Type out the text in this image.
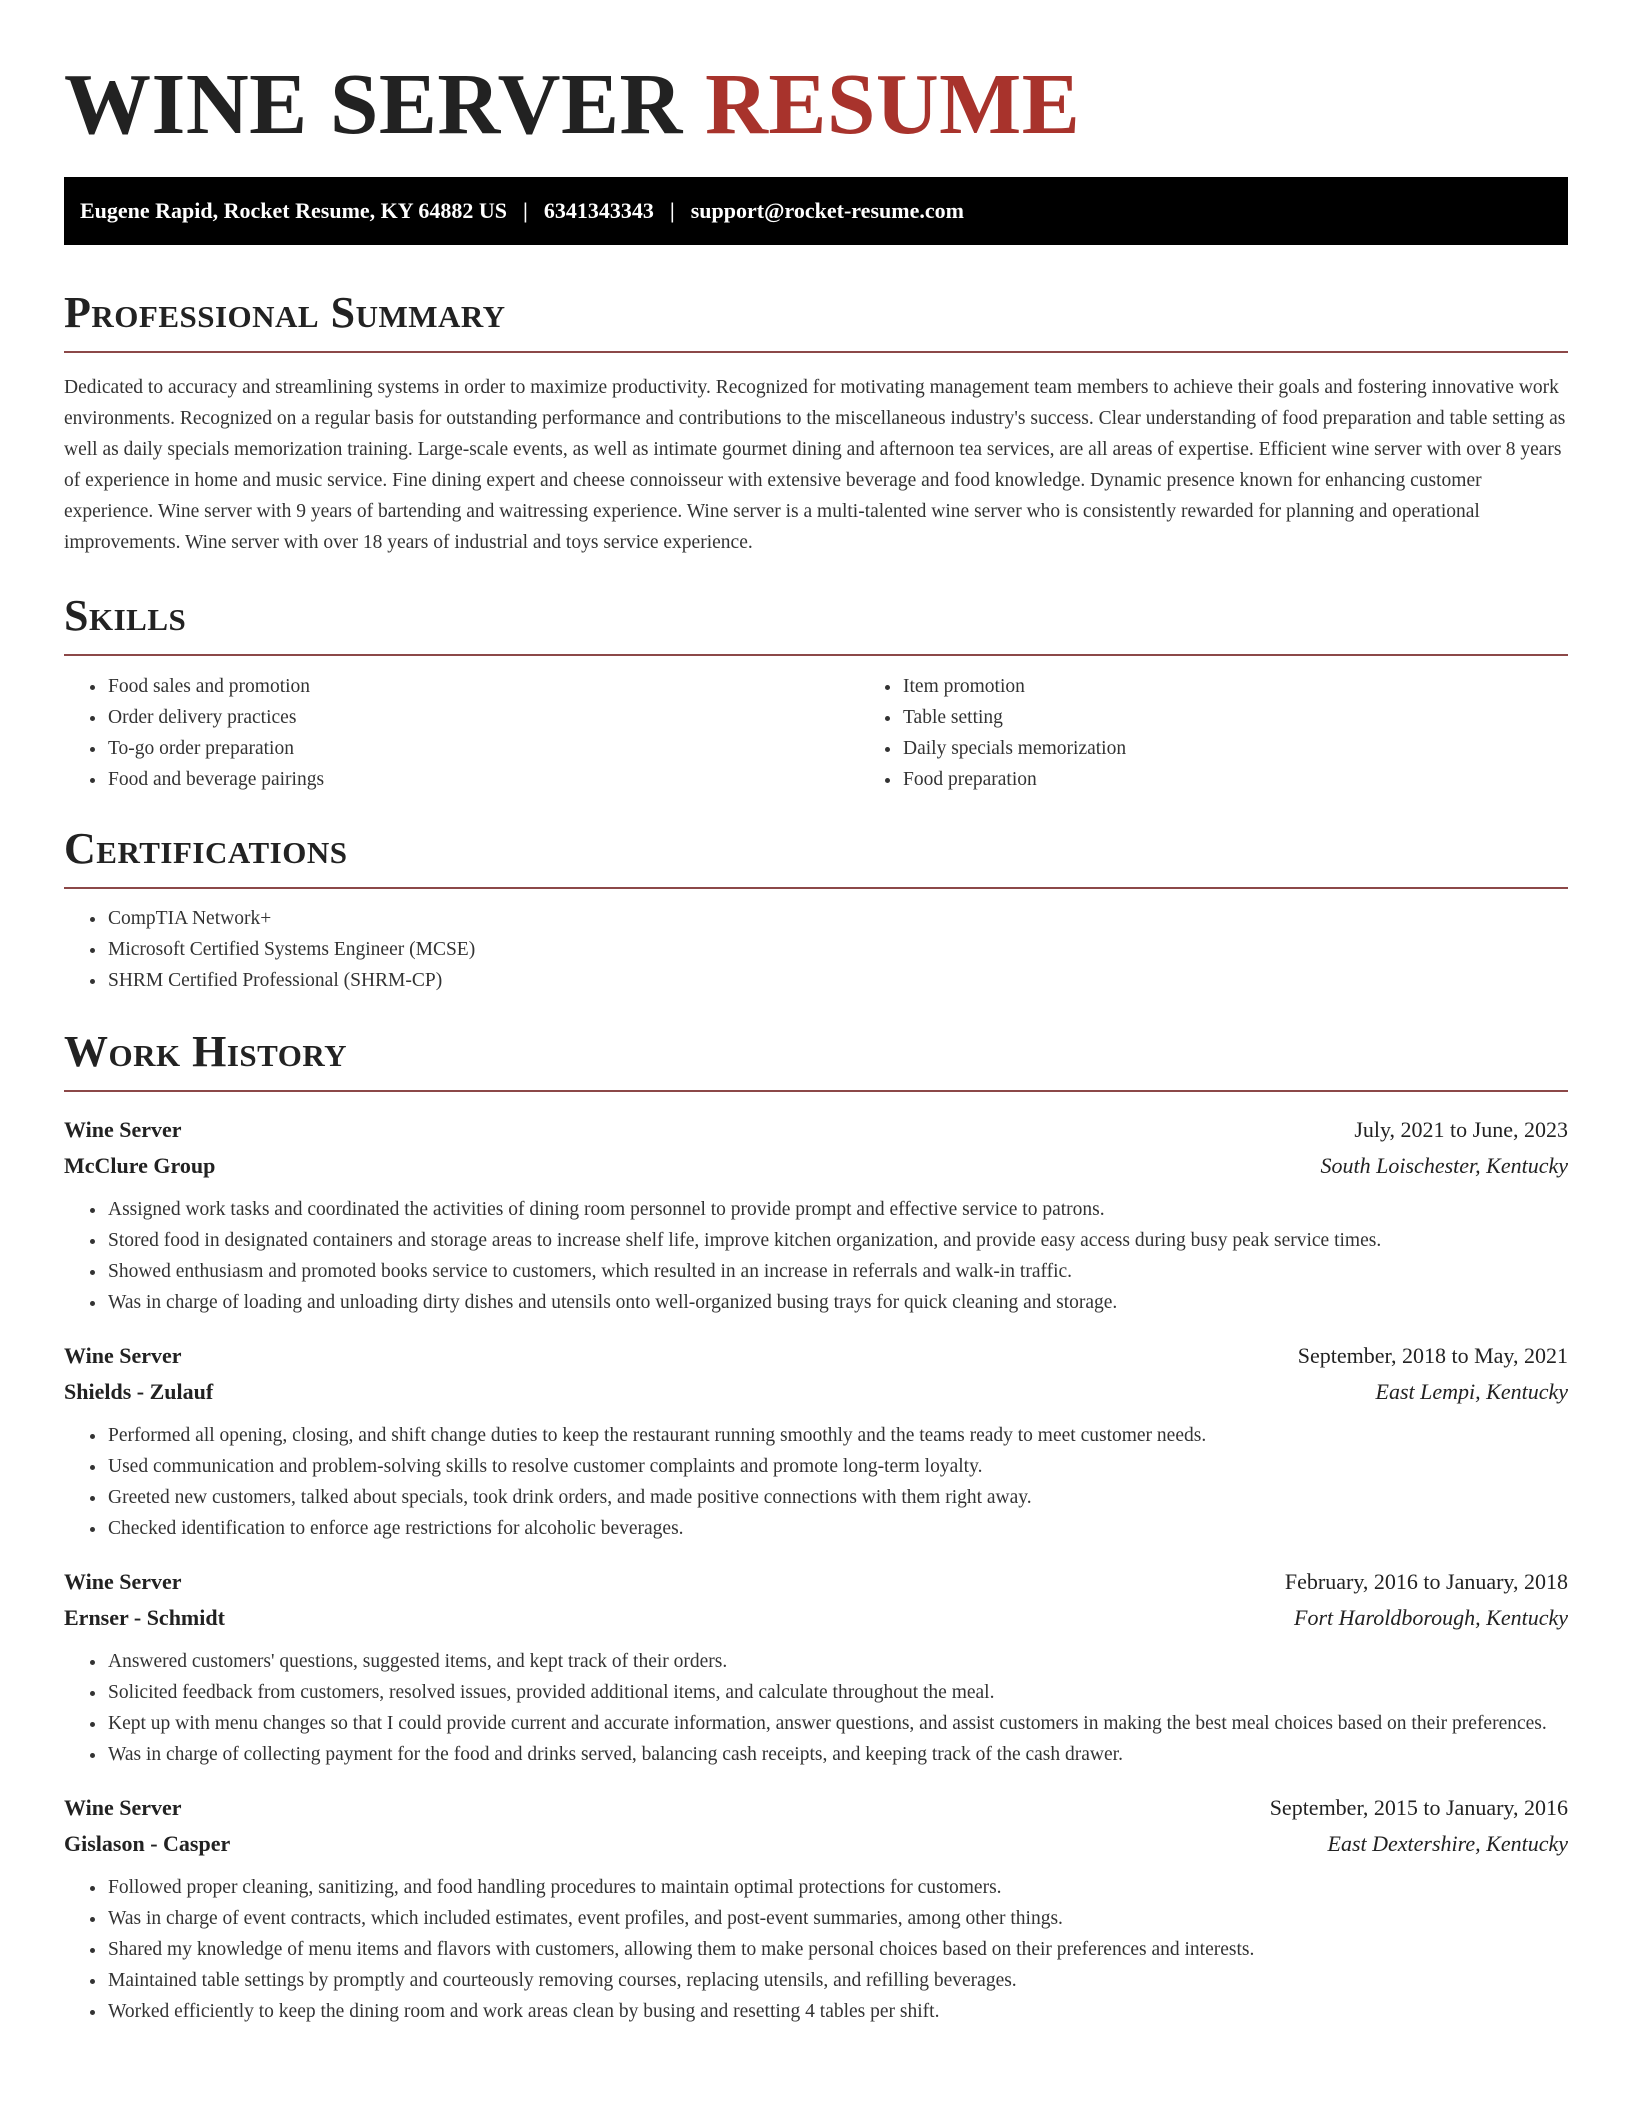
WINE SERVER RESUME
Eugene Rapid, Rocket Resume, KY 64882 US | 6341343343 | support@rocket-resume.com
Professional Summary

Dedicated to accuracy and streamlining systems in order to maximize productivity. Recognized for motivating management team members to achieve their goals and fostering innovative work environments. Recognized on a regular basis for outstanding performance and contributions to the miscellaneous industry's success. Clear understanding of food preparation and table setting as well as daily specials memorization training. Large-scale events, as well as intimate gourmet dining and afternoon tea services, are all areas of expertise. Efficient wine server with over 8 years of experience in home and music service. Fine dining expert and cheese connoisseur with extensive beverage and food knowledge. Dynamic presence known for enhancing customer experience. Wine server with 9 years of bartending and waitressing experience. Wine server is a multi-talented wine server who is consistently rewarded for planning and operational improvements. Wine server with over 18 years of industrial and toys service experience.

Skills
• Food sales and promotion
• Order delivery practices
• To-go order preparation
• Food and beverage pairings
• Item promotion
• Table setting
• Daily specials memorization
• Food preparation
Certifications
• CompTIA Network+
• Microsoft Certified Systems Engineer (MCSE)
• SHRM Certified Professional (SHRM-CP)
Work History
Wine Server	July, 2021 to June, 2023
McClure Group	South Loischester, Kentucky
• Assigned work tasks and coordinated the activities of dining room personnel to provide prompt and effective service to patrons.
• Stored food in designated containers and storage areas to increase shelf life, improve kitchen organization, and provide easy access during busy peak service times.
• Showed enthusiasm and promoted books service to customers, which resulted in an increase in referrals and walk-in traffic.
• Was in charge of loading and unloading dirty dishes and utensils onto well-organized busing trays for quick cleaning and storage.
Wine Server	September, 2018 to May, 2021
Shields - Zulauf	East Lempi, Kentucky
• Performed all opening, closing, and shift change duties to keep the restaurant running smoothly and the teams ready to meet customer needs.
• Used communication and problem-solving skills to resolve customer complaints and promote long-term loyalty.
• Greeted new customers, talked about specials, took drink orders, and made positive connections with them right away.
• Checked identification to enforce age restrictions for alcoholic beverages.
Wine Server	February, 2016 to January, 2018
Ernser - Schmidt	Fort Haroldborough, Kentucky
• Answered customers' questions, suggested items, and kept track of their orders.
• Solicited feedback from customers, resolved issues, provided additional items, and calculate throughout the meal.
• Kept up with menu changes so that I could provide current and accurate information, answer questions, and assist customers in making the best meal choices based on their preferences.
• Was in charge of collecting payment for the food and drinks served, balancing cash receipts, and keeping track of the cash drawer.
Wine Server	September, 2015 to January, 2016
Gislason - Casper	East Dextershire, Kentucky
• Followed proper cleaning, sanitizing, and food handling procedures to maintain optimal protections for customers.
• Was in charge of event contracts, which included estimates, event profiles, and post-event summaries, among other things.
• Shared my knowledge of menu items and flavors with customers, allowing them to make personal choices based on their preferences and interests.
• Maintained table settings by promptly and courteously removing courses, replacing utensils, and refilling beverages.
• Worked efficiently to keep the dining room and work areas clean by busing and resetting 4 tables per shift.
